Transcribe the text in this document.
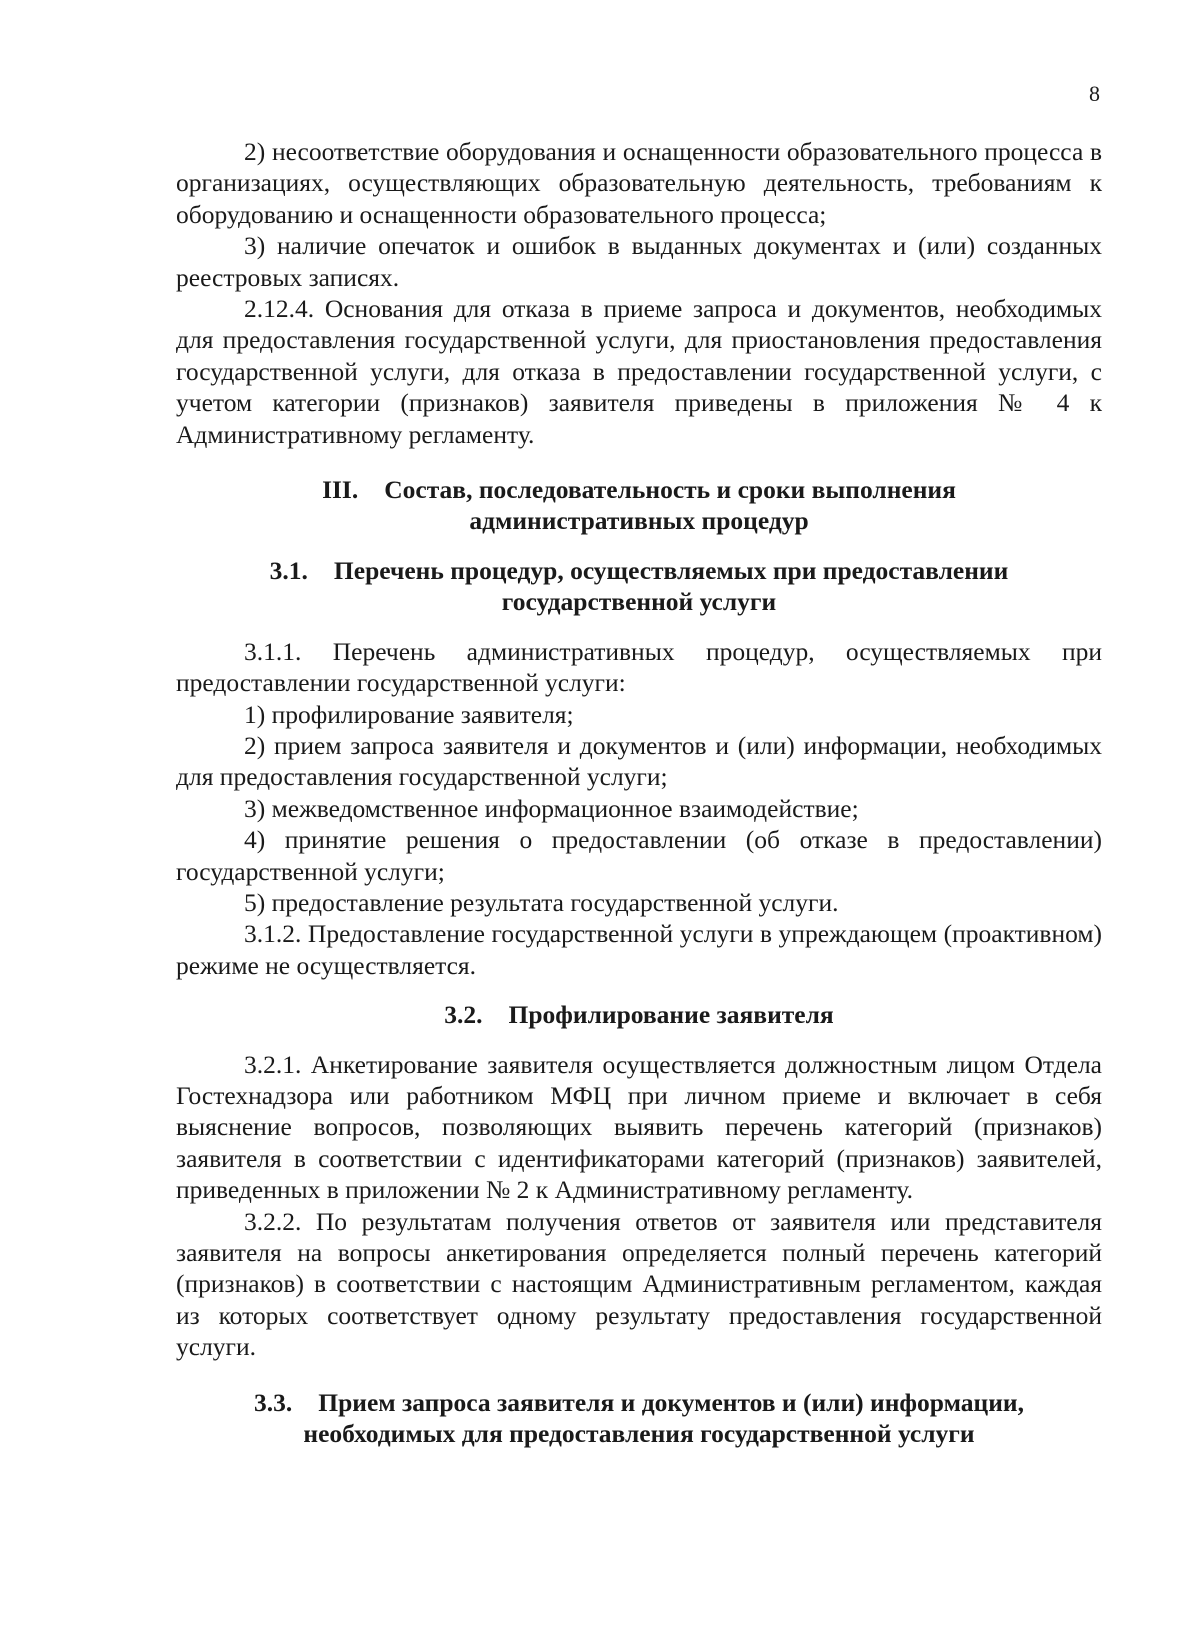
8

2) несоответствие оборудования и оснащенности образовательного процесса в организациях, осуществляющих образовательную деятельность, требованиям к оборудованию и оснащенности образовательного процесса;

3) наличие опечаток и ошибок в выданных документах и (или) созданных реестровых записях.

2.12.4. Основания для отказа в приеме запроса и документов, необходимых для предоставления государственной услуги, для приостановления предоставления государственной услуги, для отказа в предоставлении государственной услуги, с учетом категории (признаков) заявителя приведены в приложения № 4 к Административному регламенту.

III. Состав, последовательность и сроки выполнения
административных процедур
3.1. Перечень процедур, осуществляемых при предоставлении
государственной услуги

3.1.1. Перечень административных процедур, осуществляемых при предоставлении государственной услуги:

1) профилирование заявителя;

2) прием запроса заявителя и документов и (или) информации, необходимых для предоставления государственной услуги;

3) межведомственное информационное взаимодействие;

4) принятие решения о предоставлении (об отказе в предоставлении) государственной услуги;

5) предоставление результата государственной услуги.

3.1.2. Предоставление государственной услуги в упреждающем (проактивном) режиме не осуществляется.

3.2. Профилирование заявителя

3.2.1. Анкетирование заявителя осуществляется должностным лицом Отдела Гостехнадзора или работником МФЦ при личном приеме и включает в себя выяснение вопросов, позволяющих выявить перечень категорий (признаков) заявителя в соответствии с идентификаторами категорий (признаков) заявителей, приведенных в приложении № 2 к Административному регламенту.

3.2.2. По результатам получения ответов от заявителя или представителя заявителя на вопросы анкетирования определяется полный перечень категорий (признаков) в соответствии с настоящим Административным регламентом, каждая из которых соответствует одному результату предоставления государственной услуги.

3.3. Прием запроса заявителя и документов и (или) информации,
необходимых для предоставления государственной услуги
